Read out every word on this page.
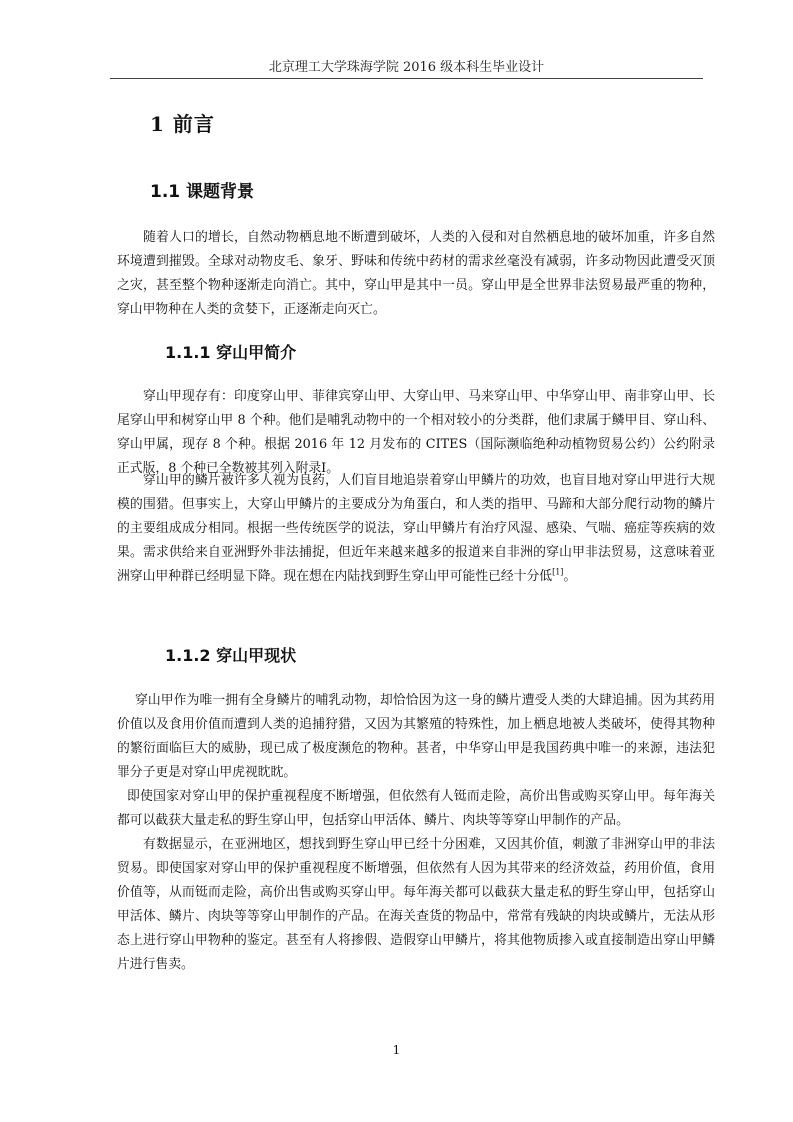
北京理工大学珠海学院 2016 级本科生毕业设计
1 前言
1.1 课题背景

随着人口的增长，自然动物栖息地不断遭到破坏，人类的入侵和对自然栖息地的破坏加重，许多自然环境遭到摧毁。全球对动物皮毛、象牙、野味和传统中药材的需求丝毫没有减弱，许多动物因此遭受灭顶之灾，甚至整个物种逐渐走向消亡。其中，穿山甲是其中一员。穿山甲是全世界非法贸易最严重的物种，穿山甲物种在人类的贪婪下，正逐渐走向灭亡。

1.1.1 穿山甲简介

穿山甲现存有：印度穿山甲、菲律宾穿山甲、大穿山甲、马来穿山甲、中华穿山甲、南非穿山甲、长尾穿山甲和树穿山甲 8 个种。他们是哺乳动物中的一个相对较小的分类群，他们隶属于鳞甲目、穿山科、穿山甲属，现存 8 个种。根据 2016 年 12 月发布的 CITES（国际濒临绝种动植物贸易公约）公约附录正式版，8 个种已全数被其列入附录Ⅰ。

穿山甲的鳞片被许多人视为良药，人们盲目地追崇着穿山甲鳞片的功效，也盲目地对穿山甲进行大规模的围猎。但事实上，大穿山甲鳞片的主要成分为角蛋白，和人类的指甲、马蹄和大部分爬行动物的鳞片的主要组成成分相同。根据一些传统医学的说法，穿山甲鳞片有治疗风湿、感染、气喘、癌症等疾病的效果。需求供给来自亚洲野外非法捕捉，但近年来越来越多的报道来自非洲的穿山甲非法贸易，这意味着亚洲穿山甲种群已经明显下降。现在想在内陆找到野生穿山甲可能性已经十分低[1]。

1.1.2 穿山甲现状

穿山甲作为唯一拥有全身鳞片的哺乳动物，却恰恰因为这一身的鳞片遭受人类的大肆追捕。因为其药用价值以及食用价值而遭到人类的追捕狩猎，又因为其繁殖的特殊性，加上栖息地被人类破坏，使得其物种的繁衍面临巨大的威胁，现已成了极度濒危的物种。甚者，中华穿山甲是我国药典中唯一的来源，违法犯罪分子更是对穿山甲虎视眈眈。

即使国家对穿山甲的保护重视程度不断增强，但依然有人铤而走险，高价出售或购买穿山甲。每年海关都可以截获大量走私的野生穿山甲，包括穿山甲活体、鳞片、肉块等等穿山甲制作的产品。

有数据显示，在亚洲地区，想找到野生穿山甲已经十分困难，又因其价值，刺激了非洲穿山甲的非法贸易。即使国家对穿山甲的保护重视程度不断增强，但依然有人因为其带来的经济效益，药用价值，食用价值等，从而铤而走险，高价出售或购买穿山甲。每年海关都可以截获大量走私的野生穿山甲，包括穿山甲活体、鳞片、肉块等等穿山甲制作的产品。在海关查货的物品中，常常有残缺的肉块或鳞片，无法从形态上进行穿山甲物种的鉴定。甚至有人将掺假、造假穿山甲鳞片，将其他物质掺入或直接制造出穿山甲鳞片进行售卖。

1
